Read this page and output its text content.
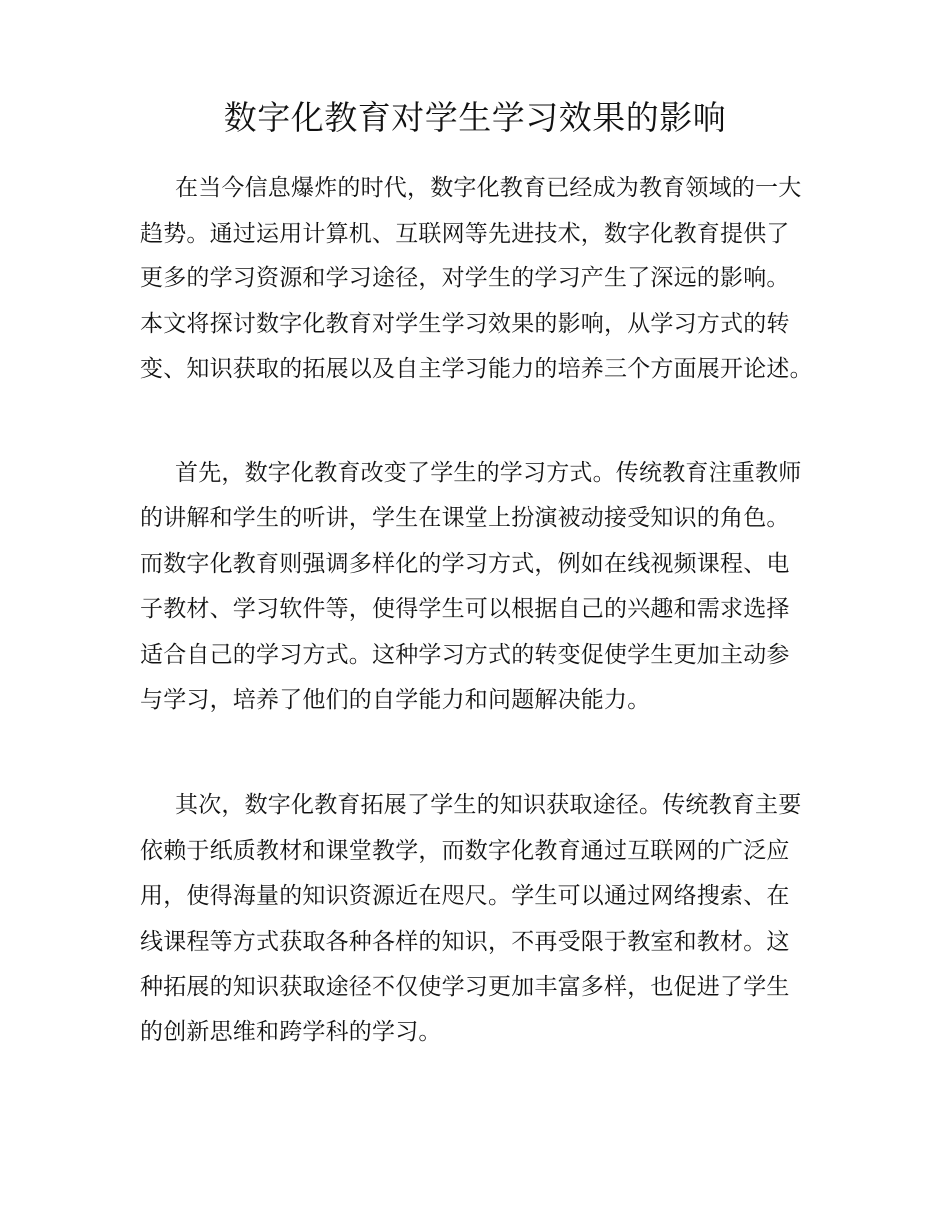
数字化教育对学生学习效果的影响
在当今信息爆炸的时代，数字化教育已经成为教育领域的一大
趋势。通过运用计算机、互联网等先进技术，数字化教育提供了
更多的学习资源和学习途径，对学生的学习产生了深远的影响。
本文将探讨数字化教育对学生学习效果的影响，从学习方式的转
变、知识获取的拓展以及自主学习能力的培养三个方面展开论述。
首先，数字化教育改变了学生的学习方式。传统教育注重教师
的讲解和学生的听讲，学生在课堂上扮演被动接受知识的角色。
而数字化教育则强调多样化的学习方式，例如在线视频课程、电
子教材、学习软件等，使得学生可以根据自己的兴趣和需求选择
适合自己的学习方式。这种学习方式的转变促使学生更加主动参
与学习，培养了他们的自学能力和问题解决能力。
其次，数字化教育拓展了学生的知识获取途径。传统教育主要
依赖于纸质教材和课堂教学，而数字化教育通过互联网的广泛应
用，使得海量的知识资源近在咫尺。学生可以通过网络搜索、在
线课程等方式获取各种各样的知识，不再受限于教室和教材。这
种拓展的知识获取途径不仅使学习更加丰富多样，也促进了学生
的创新思维和跨学科的学习。
